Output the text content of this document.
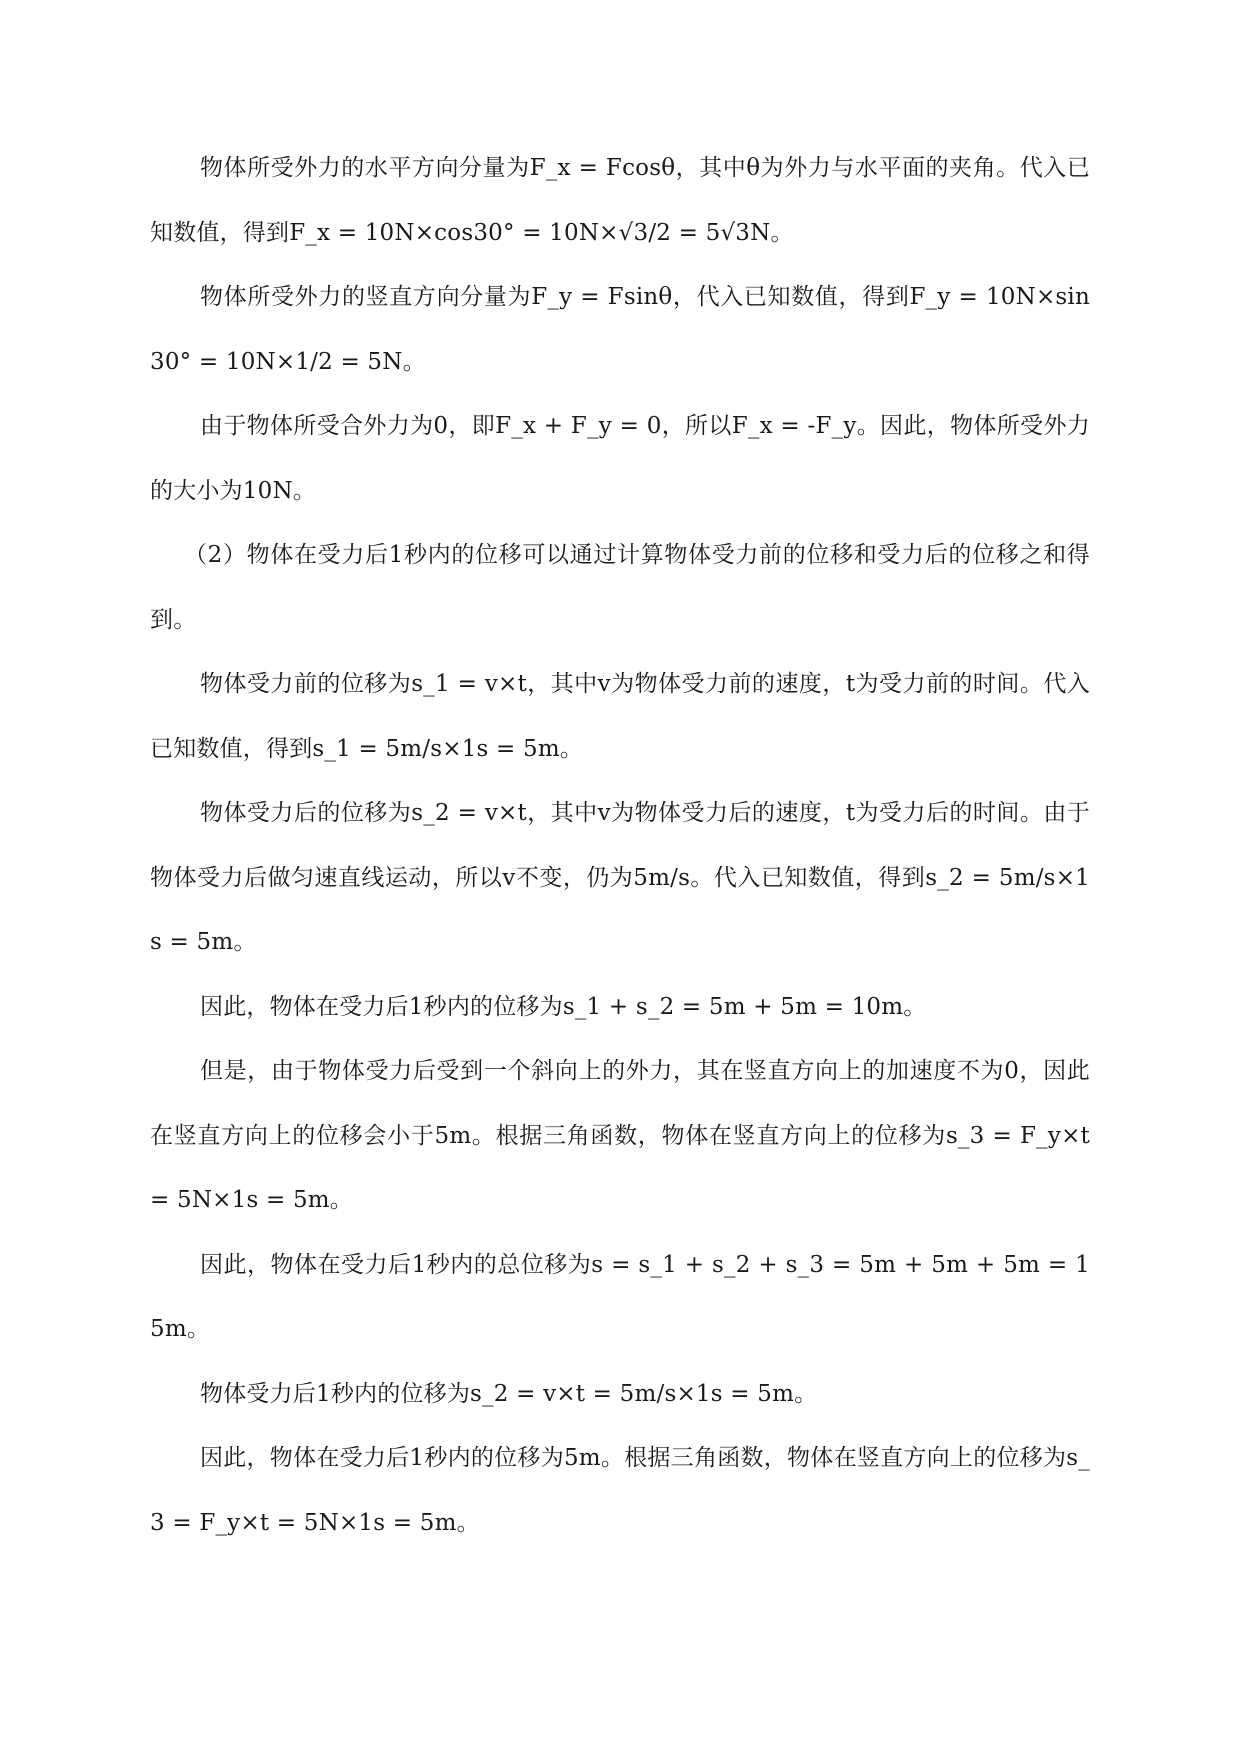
物体所受外力的水平方向分量为F_x = Fcosθ，其中θ为外力与水平面的夹角。代入已知数值，得到F_x = 10N×cos30° = 10N×√3/2 = 5√3N。

物体所受外力的竖直方向分量为F_y = Fsinθ，代入已知数值，得到F_y = 10N×sin30° = 10N×1/2 = 5N。

由于物体所受合外力为0，即F_x + F_y = 0，所以F_x = -F_y。因此，物体所受外力的大小为10N。

（2）物体在受力后1秒内的位移可以通过计算物体受力前的位移和受力后的位移之和得到。

物体受力前的位移为s_1 = v×t，其中v为物体受力前的速度，t为受力前的时间。代入已知数值，得到s_1 = 5m/s×1s = 5m。

物体受力后的位移为s_2 = v×t，其中v为物体受力后的速度，t为受力后的时间。由于物体受力后做匀速直线运动，所以v不变，仍为5m/s。代入已知数值，得到s_2 = 5m/s×1s = 5m。

因此，物体在受力后1秒内的位移为s_1 + s_2 = 5m + 5m = 10m。

但是，由于物体受力后受到一个斜向上的外力，其在竖直方向上的加速度不为0，因此在竖直方向上的位移会小于5m。根据三角函数，物体在竖直方向上的位移为s_3 = F_y×t = 5N×1s = 5m。

因此，物体在受力后1秒内的总位移为s = s_1 + s_2 + s_3 = 5m + 5m + 5m = 15m。

物体受力后1秒内的位移为s_2 = v×t = 5m/s×1s = 5m。

因此，物体在受力后1秒内的位移为5m。根据三角函数，物体在竖直方向上的位移为s_3 = F_y×t = 5N×1s = 5m。
